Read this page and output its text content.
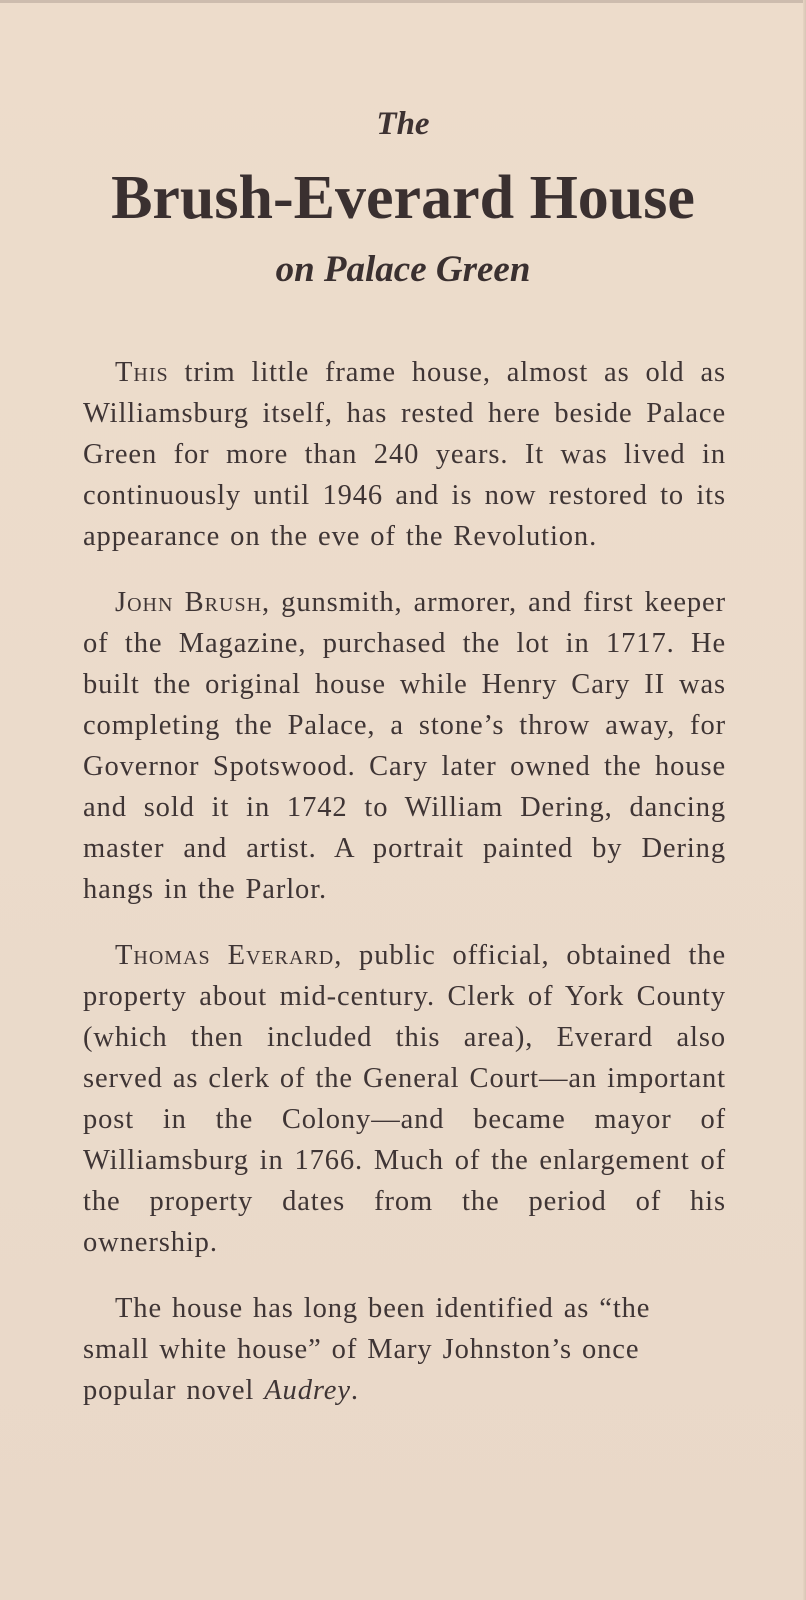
The

Brush-Everard House

on Palace Green

This trim little frame house, almost as old as Williamsburg itself, has rested here beside Palace Green for more than 240 years. It was lived in continuously until 1946 and is now restored to its appearance on the eve of the Revolution.

John Brush, gunsmith, armorer, and first keeper of the Magazine, purchased the lot in 1717. He built the original house while Henry Cary II was completing the Palace, a stone’s throw away, for Governor Spotswood. Cary later owned the house and sold it in 1742 to William Dering, dancing master and artist. A portrait painted by Dering hangs in the Parlor.

Thomas Everard, public official, obtained the property about mid-century. Clerk of York County (which then included this area), Everard also served as clerk of the General Court—an important post in the Colony—and became mayor of Williamsburg in 1766. Much of the enlargement of the property dates from the period of his ownership.

The house has long been identified as “the small white house” of Mary Johnston’s once popular novel Audrey.
